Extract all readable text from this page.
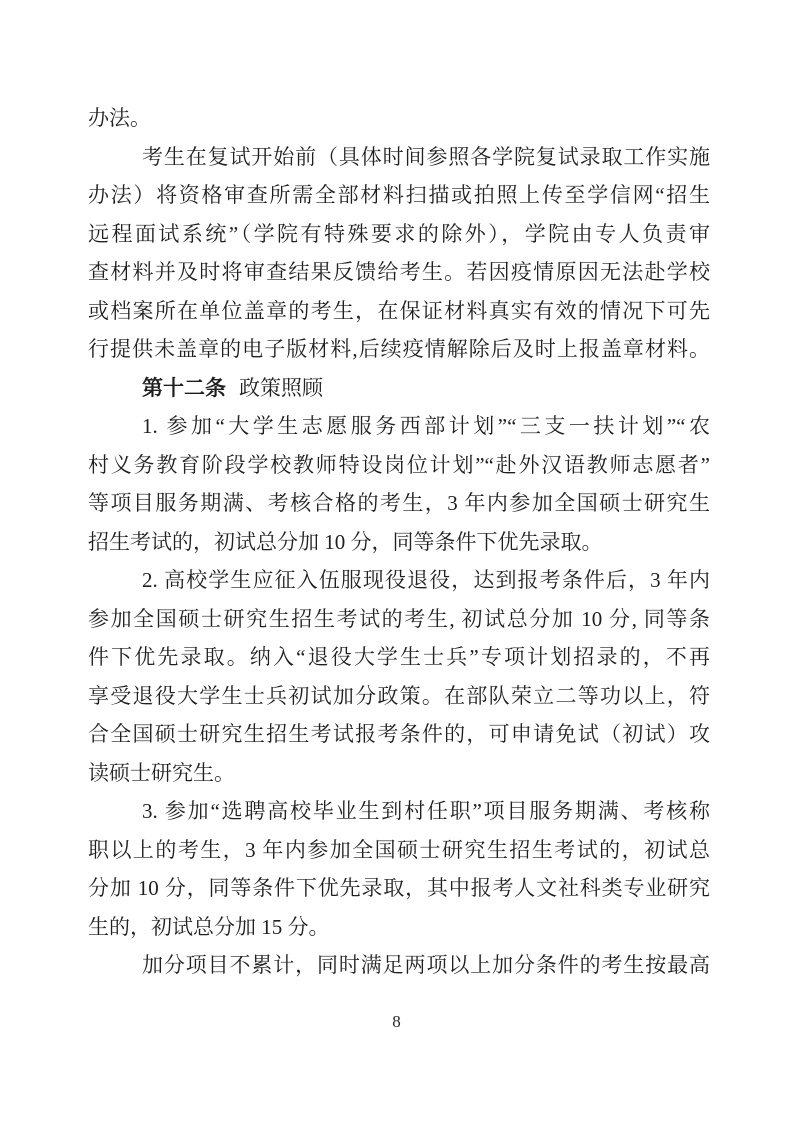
办法。
考生在复试开始前（具体时间参照各学院复试录取工作实施
办法）将资格审查所需全部材料扫描或拍照上传至学信网“招生
远程面试系统”（学院有特殊要求的除外），学院由专人负责审
查材料并及时将审查结果反馈给考生。若因疫情原因无法赴学校
或档案所在单位盖章的考生，在保证材料真实有效的情况下可先
行提供未盖章的电子版材料,后续疫情解除后及时上报盖章材料。
第十二条 政策照顾
1. 参加“大学生志愿服务西部计划”“三支一扶计划”“农
村义务教育阶段学校教师特设岗位计划”“赴外汉语教师志愿者”
等项目服务期满、考核合格的考生，3 年内参加全国硕士研究生
招生考试的，初试总分加 10 分，同等条件下优先录取。
2. 高校学生应征入伍服现役退役，达到报考条件后，3 年内
参加全国硕士研究生招生考试的考生, 初试总分加 10 分, 同等条
件下优先录取。纳入“退役大学生士兵”专项计划招录的，不再
享受退役大学生士兵初试加分政策。在部队荣立二等功以上，符
合全国硕士研究生招生考试报考条件的，可申请免试（初试）攻
读硕士研究生。
3. 参加“选聘高校毕业生到村任职”项目服务期满、考核称
职以上的考生，3 年内参加全国硕士研究生招生考试的，初试总
分加 10 分，同等条件下优先录取，其中报考人文社科类专业研究
生的，初试总分加 15 分。
加分项目不累计，同时满足两项以上加分条件的考生按最高
8
